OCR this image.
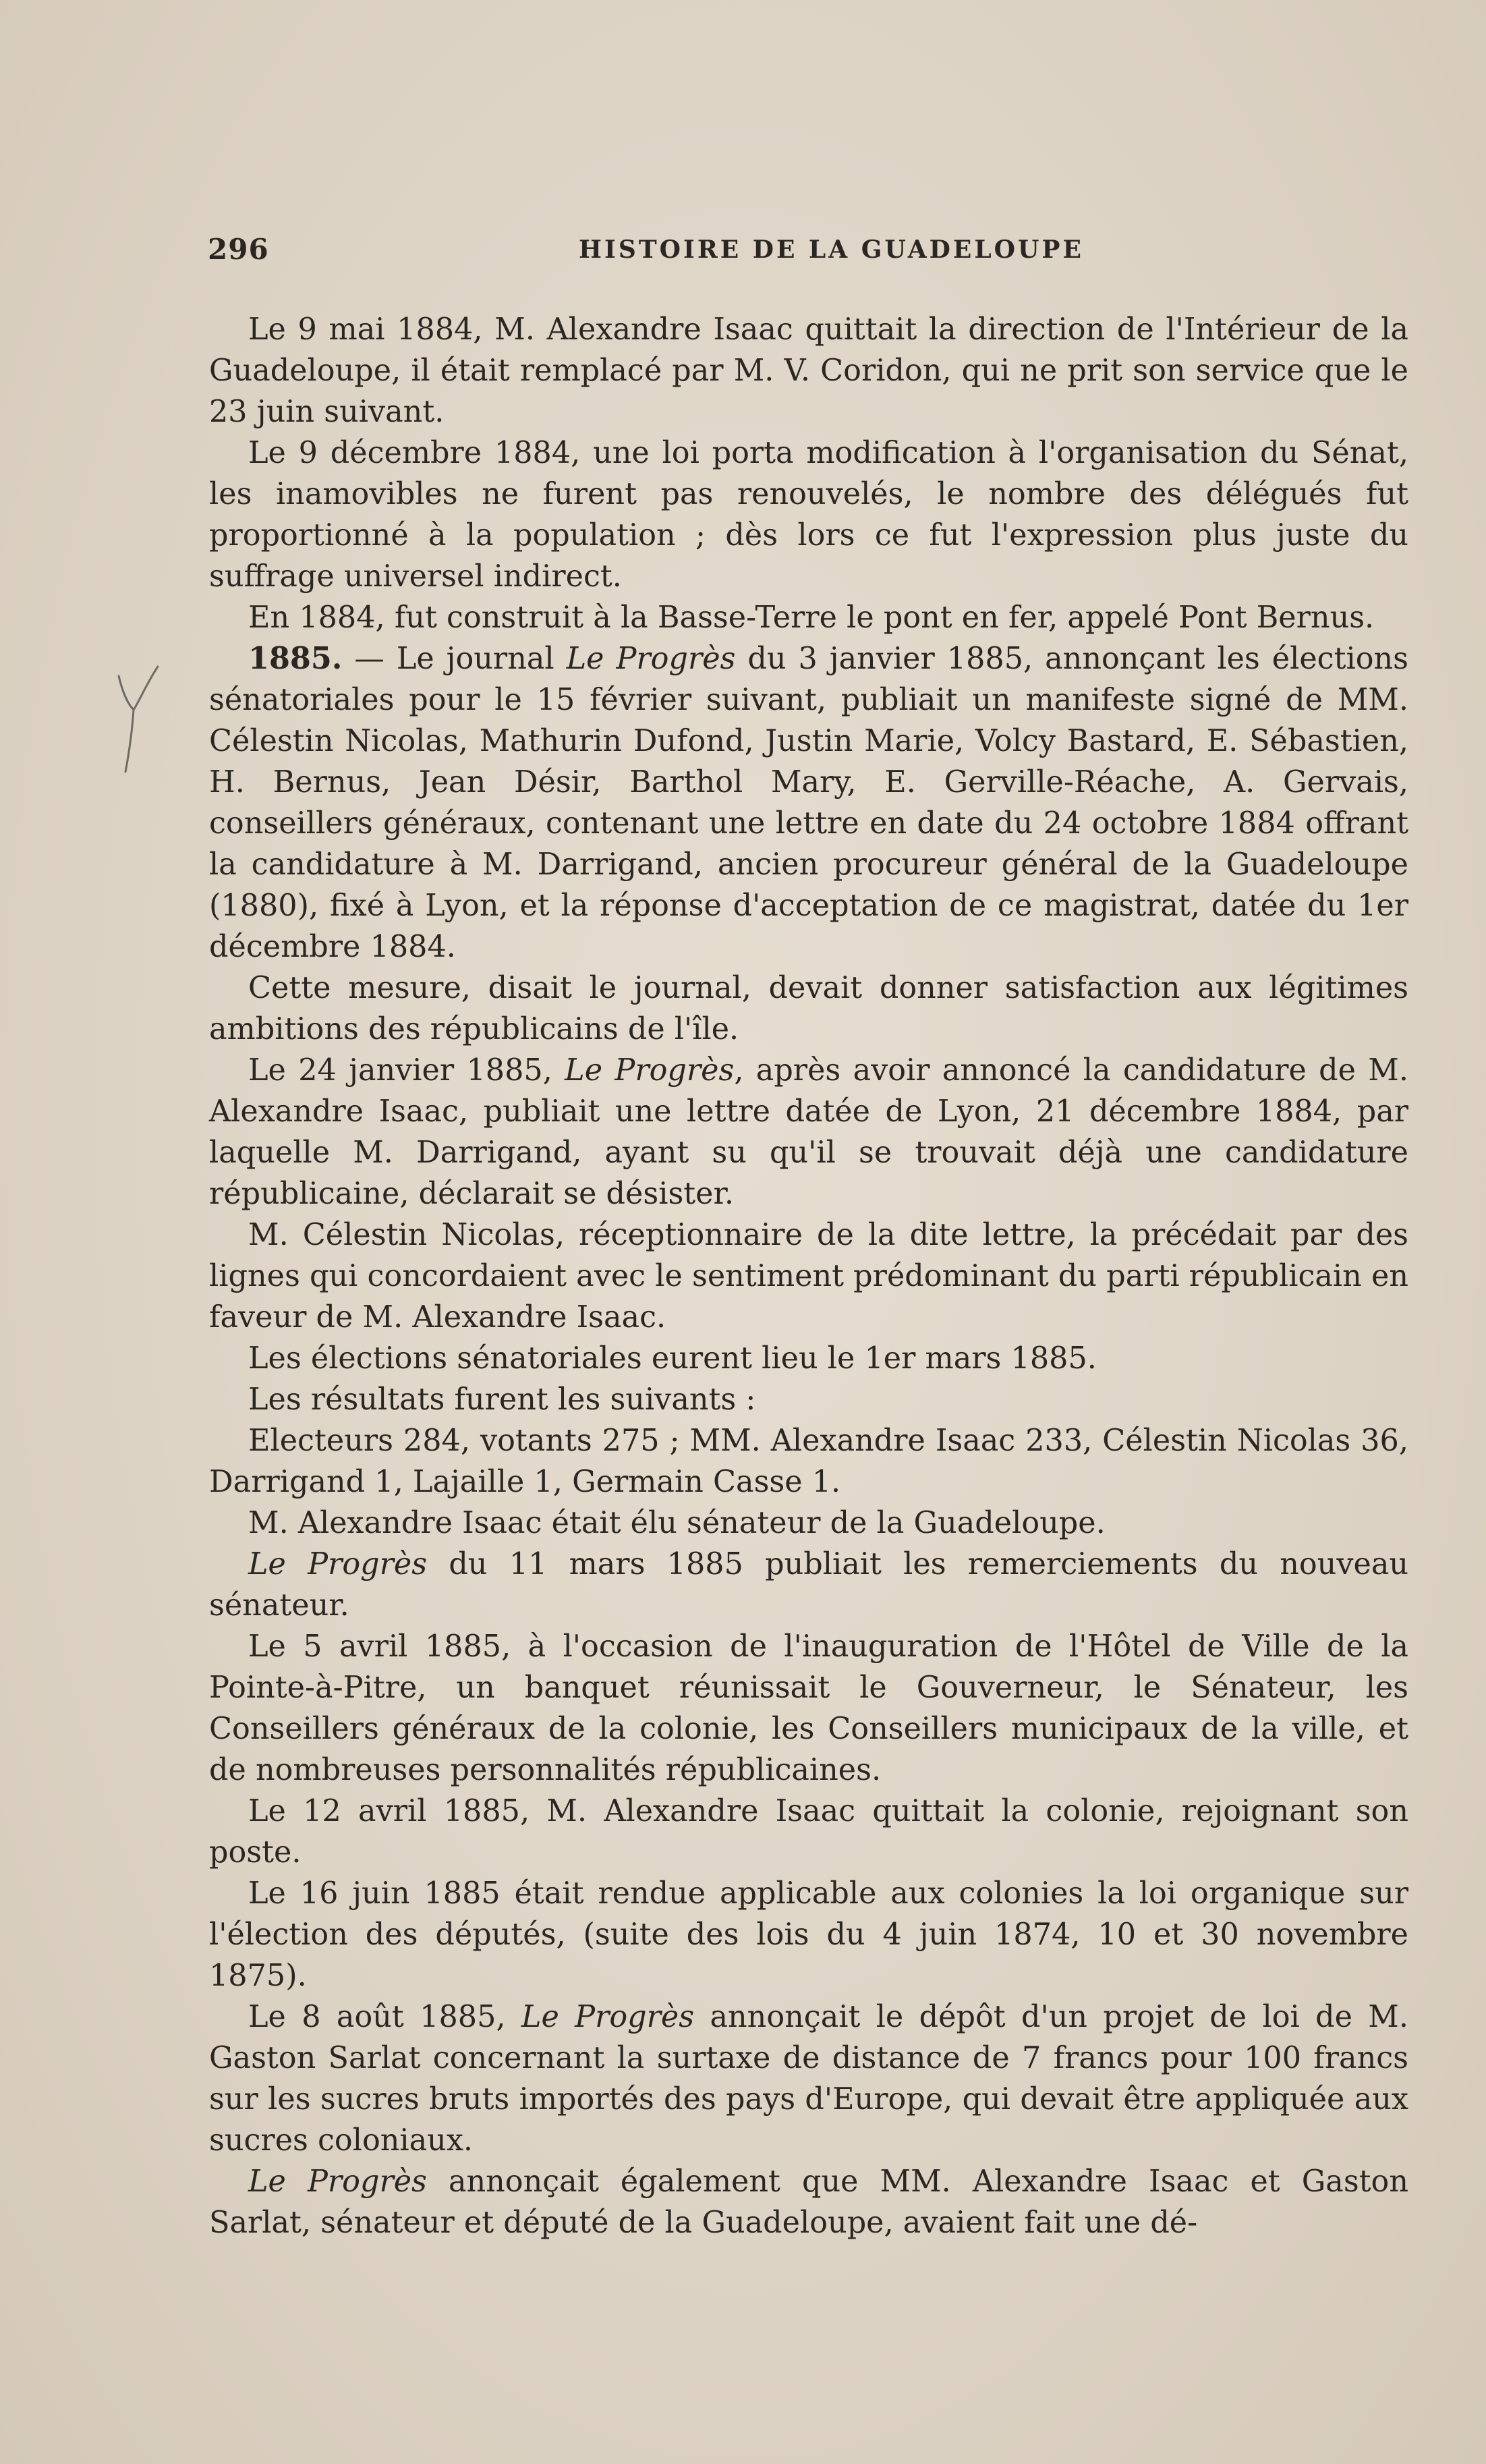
296	HISTOIRE DE LA GUADELOUPE

Le 9 mai 1884, M. Alexandre Isaac quittait la direction de l'Intérieur de la Guadeloupe, il était remplacé par M. V. Coridon, qui ne prit son service que le 23 juin suivant.

Le 9 décembre 1884, une loi porta modification à l'organisation du Sénat, les inamovibles ne furent pas renouvelés, le nombre des délégués fut proportionné à la population ; dès lors ce fut l'expression plus juste du suffrage universel indirect.

En 1884, fut construit à la Basse-Terre le pont en fer, appelé Pont Bernus.

1885. — Le journal Le Progrès du 3 janvier 1885, annonçant les élections sénatoriales pour le 15 février suivant, publiait un manifeste signé de MM. Célestin Nicolas, Mathurin Dufond, Justin Marie, Volcy Bastard, E. Sébastien, H. Bernus, Jean Désir, Barthol Mary, E. Gerville-Réache, A. Gervais, conseillers généraux, contenant une lettre en date du 24 octobre 1884 offrant la candidature à M. Darrigand, ancien procureur général de la Guadeloupe (1880), fixé à Lyon, et la réponse d'acceptation de ce magistrat, datée du 1er décembre 1884.

Cette mesure, disait le journal, devait donner satisfaction aux légitimes ambitions des républicains de l'île.

Le 24 janvier 1885, Le Progrès, après avoir annoncé la candidature de M. Alexandre Isaac, publiait une lettre datée de Lyon, 21 décembre 1884, par laquelle M. Darrigand, ayant su qu'il se trouvait déjà une candidature républicaine, déclarait se désister.

M. Célestin Nicolas, réceptionnaire de la dite lettre, la précédait par des lignes qui concordaient avec le sentiment prédominant du parti républicain en faveur de M. Alexandre Isaac.

Les élections sénatoriales eurent lieu le 1er mars 1885.

Les résultats furent les suivants :

Electeurs 284, votants 275 ; MM. Alexandre Isaac 233, Célestin Nicolas 36, Darrigand 1, Lajaille 1, Germain Casse 1.

M. Alexandre Isaac était élu sénateur de la Guadeloupe.

Le Progrès du 11 mars 1885 publiait les remerciements du nouveau sénateur.

Le 5 avril 1885, à l'occasion de l'inauguration de l'Hôtel de Ville de la Pointe-à-Pitre, un banquet réunissait le Gouverneur, le Sénateur, les Conseillers généraux de la colonie, les Conseillers municipaux de la ville, et de nombreuses personnalités républicaines.

Le 12 avril 1885, M. Alexandre Isaac quittait la colonie, rejoignant son poste.

Le 16 juin 1885 était rendue applicable aux colonies la loi organique sur l'élection des députés, (suite des lois du 4 juin 1874, 10 et 30 novembre 1875).

Le 8 août 1885, Le Progrès annonçait le dépôt d'un projet de loi de M. Gaston Sarlat concernant la surtaxe de distance de 7 francs pour 100 francs sur les sucres bruts importés des pays d'Europe, qui devait être appliquée aux sucres coloniaux.

Le Progrès annonçait également que MM. Alexandre Isaac et Gaston Sarlat, sénateur et député de la Guadeloupe, avaient fait une dé-
